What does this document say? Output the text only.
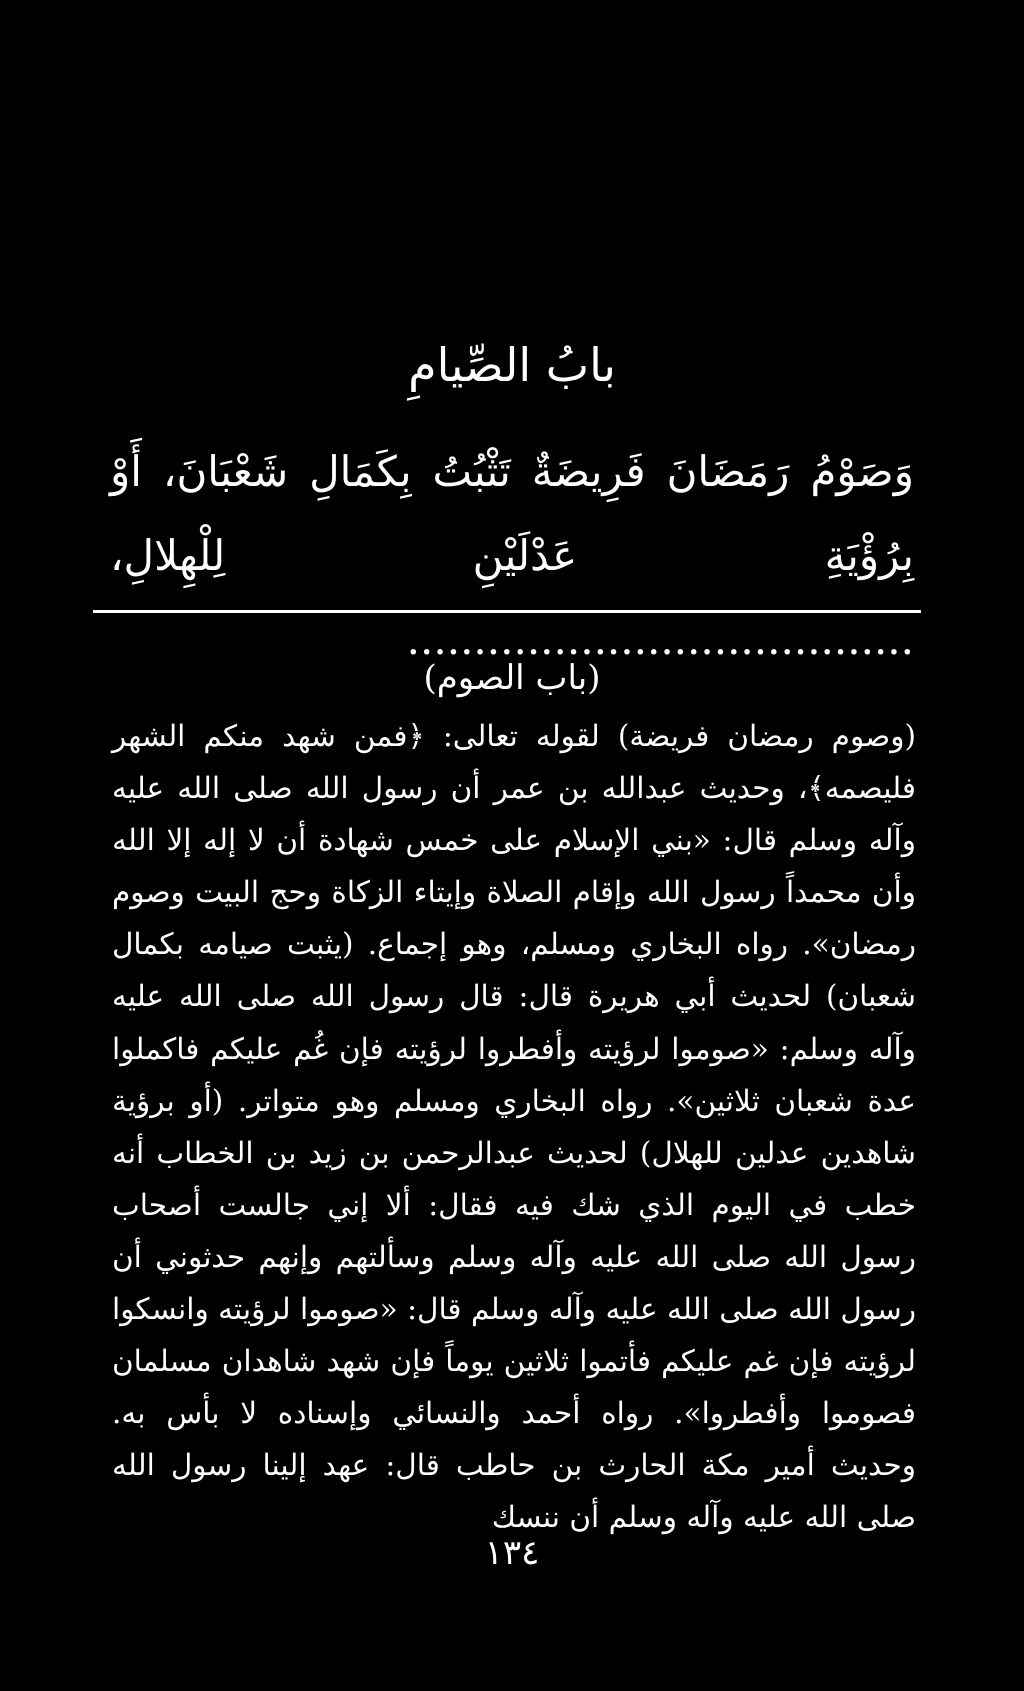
بابُ الصِّيامِ
وَصَوْمُ رَمَضَانَ فَرِيضَةٌ تَثْبُتُ بِكَمَالِ شَعْبَانَ، أَوْ بِرُؤْيَةِ عَدْلَيْنِ لِلْهِلالِ، ......................................
(باب الصوم)

(وصوم رمضان فريضة) لقوله تعالى: ﴿فمن شهد منكم الشهر فليصمه﴾، وحديث عبدالله بن عمر أن رسول الله صلى الله عليه وآله وسلم قال: «بني الإسلام على خمس شهادة أن لا إله إلا الله وأن محمداً رسول الله وإقام الصلاة وإيتاء الزكاة وحج البيت وصوم رمضان». رواه البخاري ومسلم، وهو إجماع. (يثبت صيامه بكمال شعبان) لحديث أبي هريرة قال: قال رسول الله صلى الله عليه وآله وسلم: «صوموا لرؤيته وأفطروا لرؤيته فإن غُم عليكم فاكملوا عدة شعبان ثلاثين». رواه البخاري ومسلم وهو متواتر. (أو برؤية شاهدين عدلين للهلال) لحديث عبدالرحمن بن زيد بن الخطاب أنه خطب في اليوم الذي شك فيه فقال: ألا إني جالست أصحاب رسول الله صلى الله عليه وآله وسلم وسألتهم وإنهم حدثوني أن رسول الله صلى الله عليه وآله وسلم قال: «صوموا لرؤيته وانسكوا لرؤيته فإن غم عليكم فأتموا ثلاثين يوماً فإن شهد شاهدان مسلمان فصوموا وأفطروا». رواه أحمد والنسائي وإسناده لا بأس به. وحديث أمير مكة الحارث بن حاطب قال: عهد إلينا رسول الله صلى الله عليه وآله وسلم أن ننسك

١٣٤
